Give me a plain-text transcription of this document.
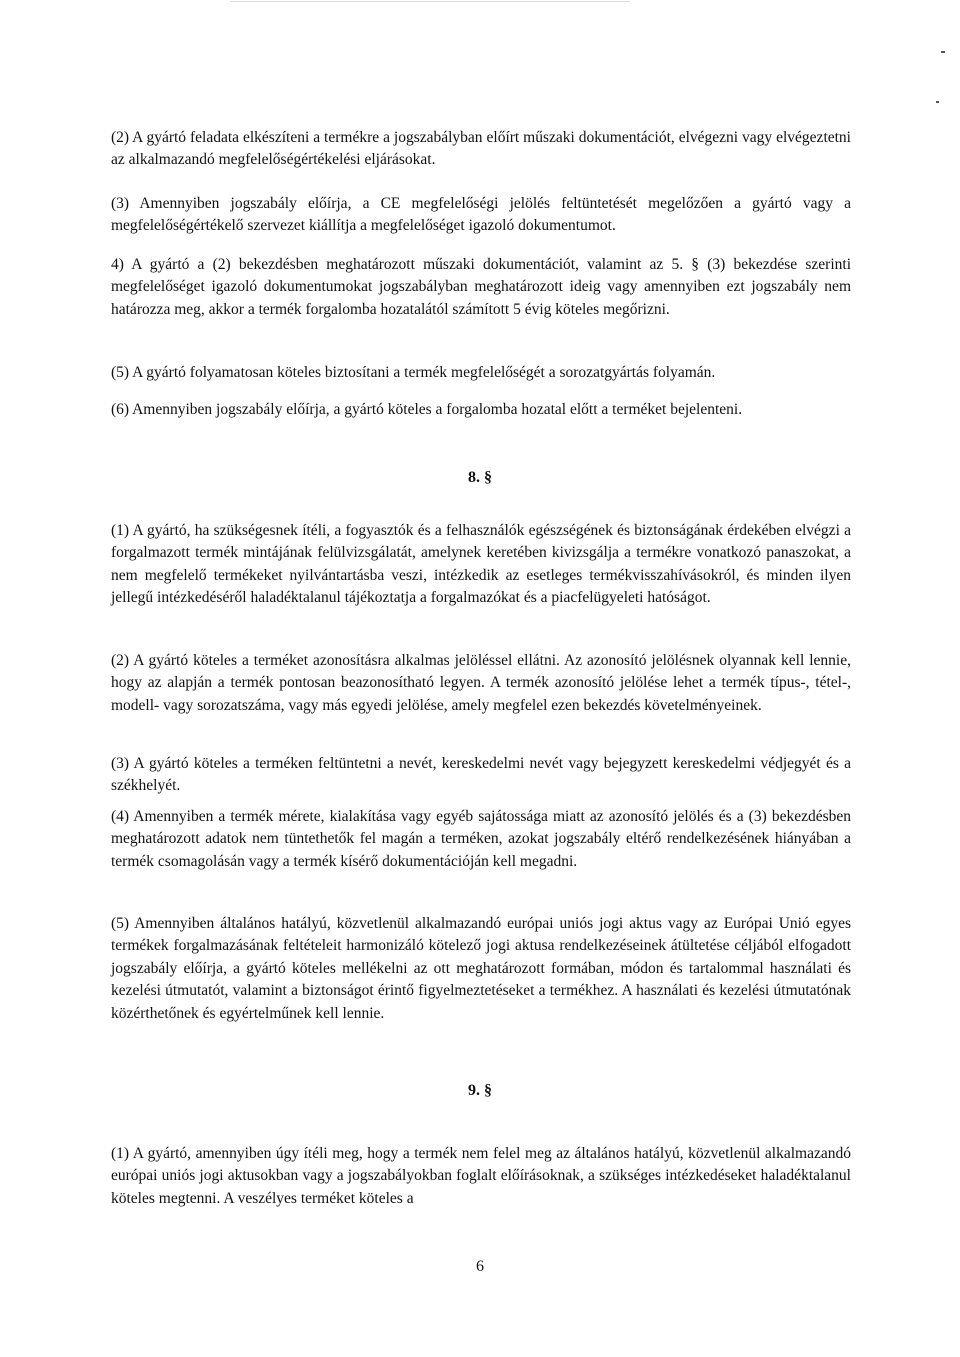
(2) A gyártó feladata elkészíteni a termékre a jogszabályban előírt műszaki dokumentációt, elvégezni vagy elvégeztetni az alkalmazandó megfelelőségértékelési eljárásokat.

(3) Amennyiben jogszabály előírja, a CE megfelelőségi jelölés feltüntetését megelőzően a gyártó vagy a megfelelőségértékelő szervezet kiállítja a megfelelőséget igazoló dokumentumot.

4) A gyártó a (2) bekezdésben meghatározott műszaki dokumentációt, valamint az 5. § (3) bekezdése szerinti megfelelőséget igazoló dokumentumokat jogszabályban meghatározott ideig vagy amennyiben ezt jogszabály nem határozza meg, akkor a termék forgalomba hozatalától számított 5 évig köteles megőrizni.

(5) A gyártó folyamatosan köteles biztosítani a termék megfelelőségét a sorozatgyártás folyamán.

(6) Amennyiben jogszabály előírja, a gyártó köteles a forgalomba hozatal előtt a terméket bejelenteni.

8. §

(1) A gyártó, ha szükségesnek ítéli, a fogyasztók és a felhasználók egészségének és biztonságának érdekében elvégzi a forgalmazott termék mintájának felülvizsgálatát, amelynek keretében kivizsgálja a termékre vonatkozó panaszokat, a nem megfelelő termékeket nyilvántartásba veszi, intézkedik az esetleges termékvisszahívásokról, és minden ilyen jellegű intézkedéséről haladéktalanul tájékoztatja a forgalmazókat és a piacfelügyeleti hatóságot.

(2) A gyártó köteles a terméket azonosításra alkalmas jelöléssel ellátni. Az azonosító jelölésnek olyannak kell lennie, hogy az alapján a termék pontosan beazonosítható legyen. A termék azonosító jelölése lehet a termék típus-, tétel-, modell- vagy sorozatszáma, vagy más egyedi jelölése, amely megfelel ezen bekezdés követelményeinek.

(3) A gyártó köteles a terméken feltüntetni a nevét, kereskedelmi nevét vagy bejegyzett kereskedelmi védjegyét és a székhelyét.

(4) Amennyiben a termék mérete, kialakítása vagy egyéb sajátossága miatt az azonosító jelölés és a (3) bekezdésben meghatározott adatok nem tüntethetők fel magán a terméken, azokat jogszabály eltérő rendelkezésének hiányában a termék csomagolásán vagy a termék kísérő dokumentációján kell megadni.

(5) Amennyiben általános hatályú, közvetlenül alkalmazandó európai uniós jogi aktus vagy az Európai Unió egyes termékek forgalmazásának feltételeit harmonizáló kötelező jogi aktusa rendelkezéseinek átültetése céljából elfogadott jogszabály előírja, a gyártó köteles mellékelni az ott meghatározott formában, módon és tartalommal használati és kezelési útmutatót, valamint a biztonságot érintő figyelmeztetéseket a termékhez. A használati és kezelési útmutatónak közérthetőnek és egyértelműnek kell lennie.

9. §

(1) A gyártó, amennyiben úgy ítéli meg, hogy a termék nem felel meg az általános hatályú, közvetlenül alkalmazandó európai uniós jogi aktusokban vagy a jogszabályokban foglalt előírásoknak, a szükséges intézkedéseket haladéktalanul köteles megtenni. A veszélyes terméket köteles a

6
